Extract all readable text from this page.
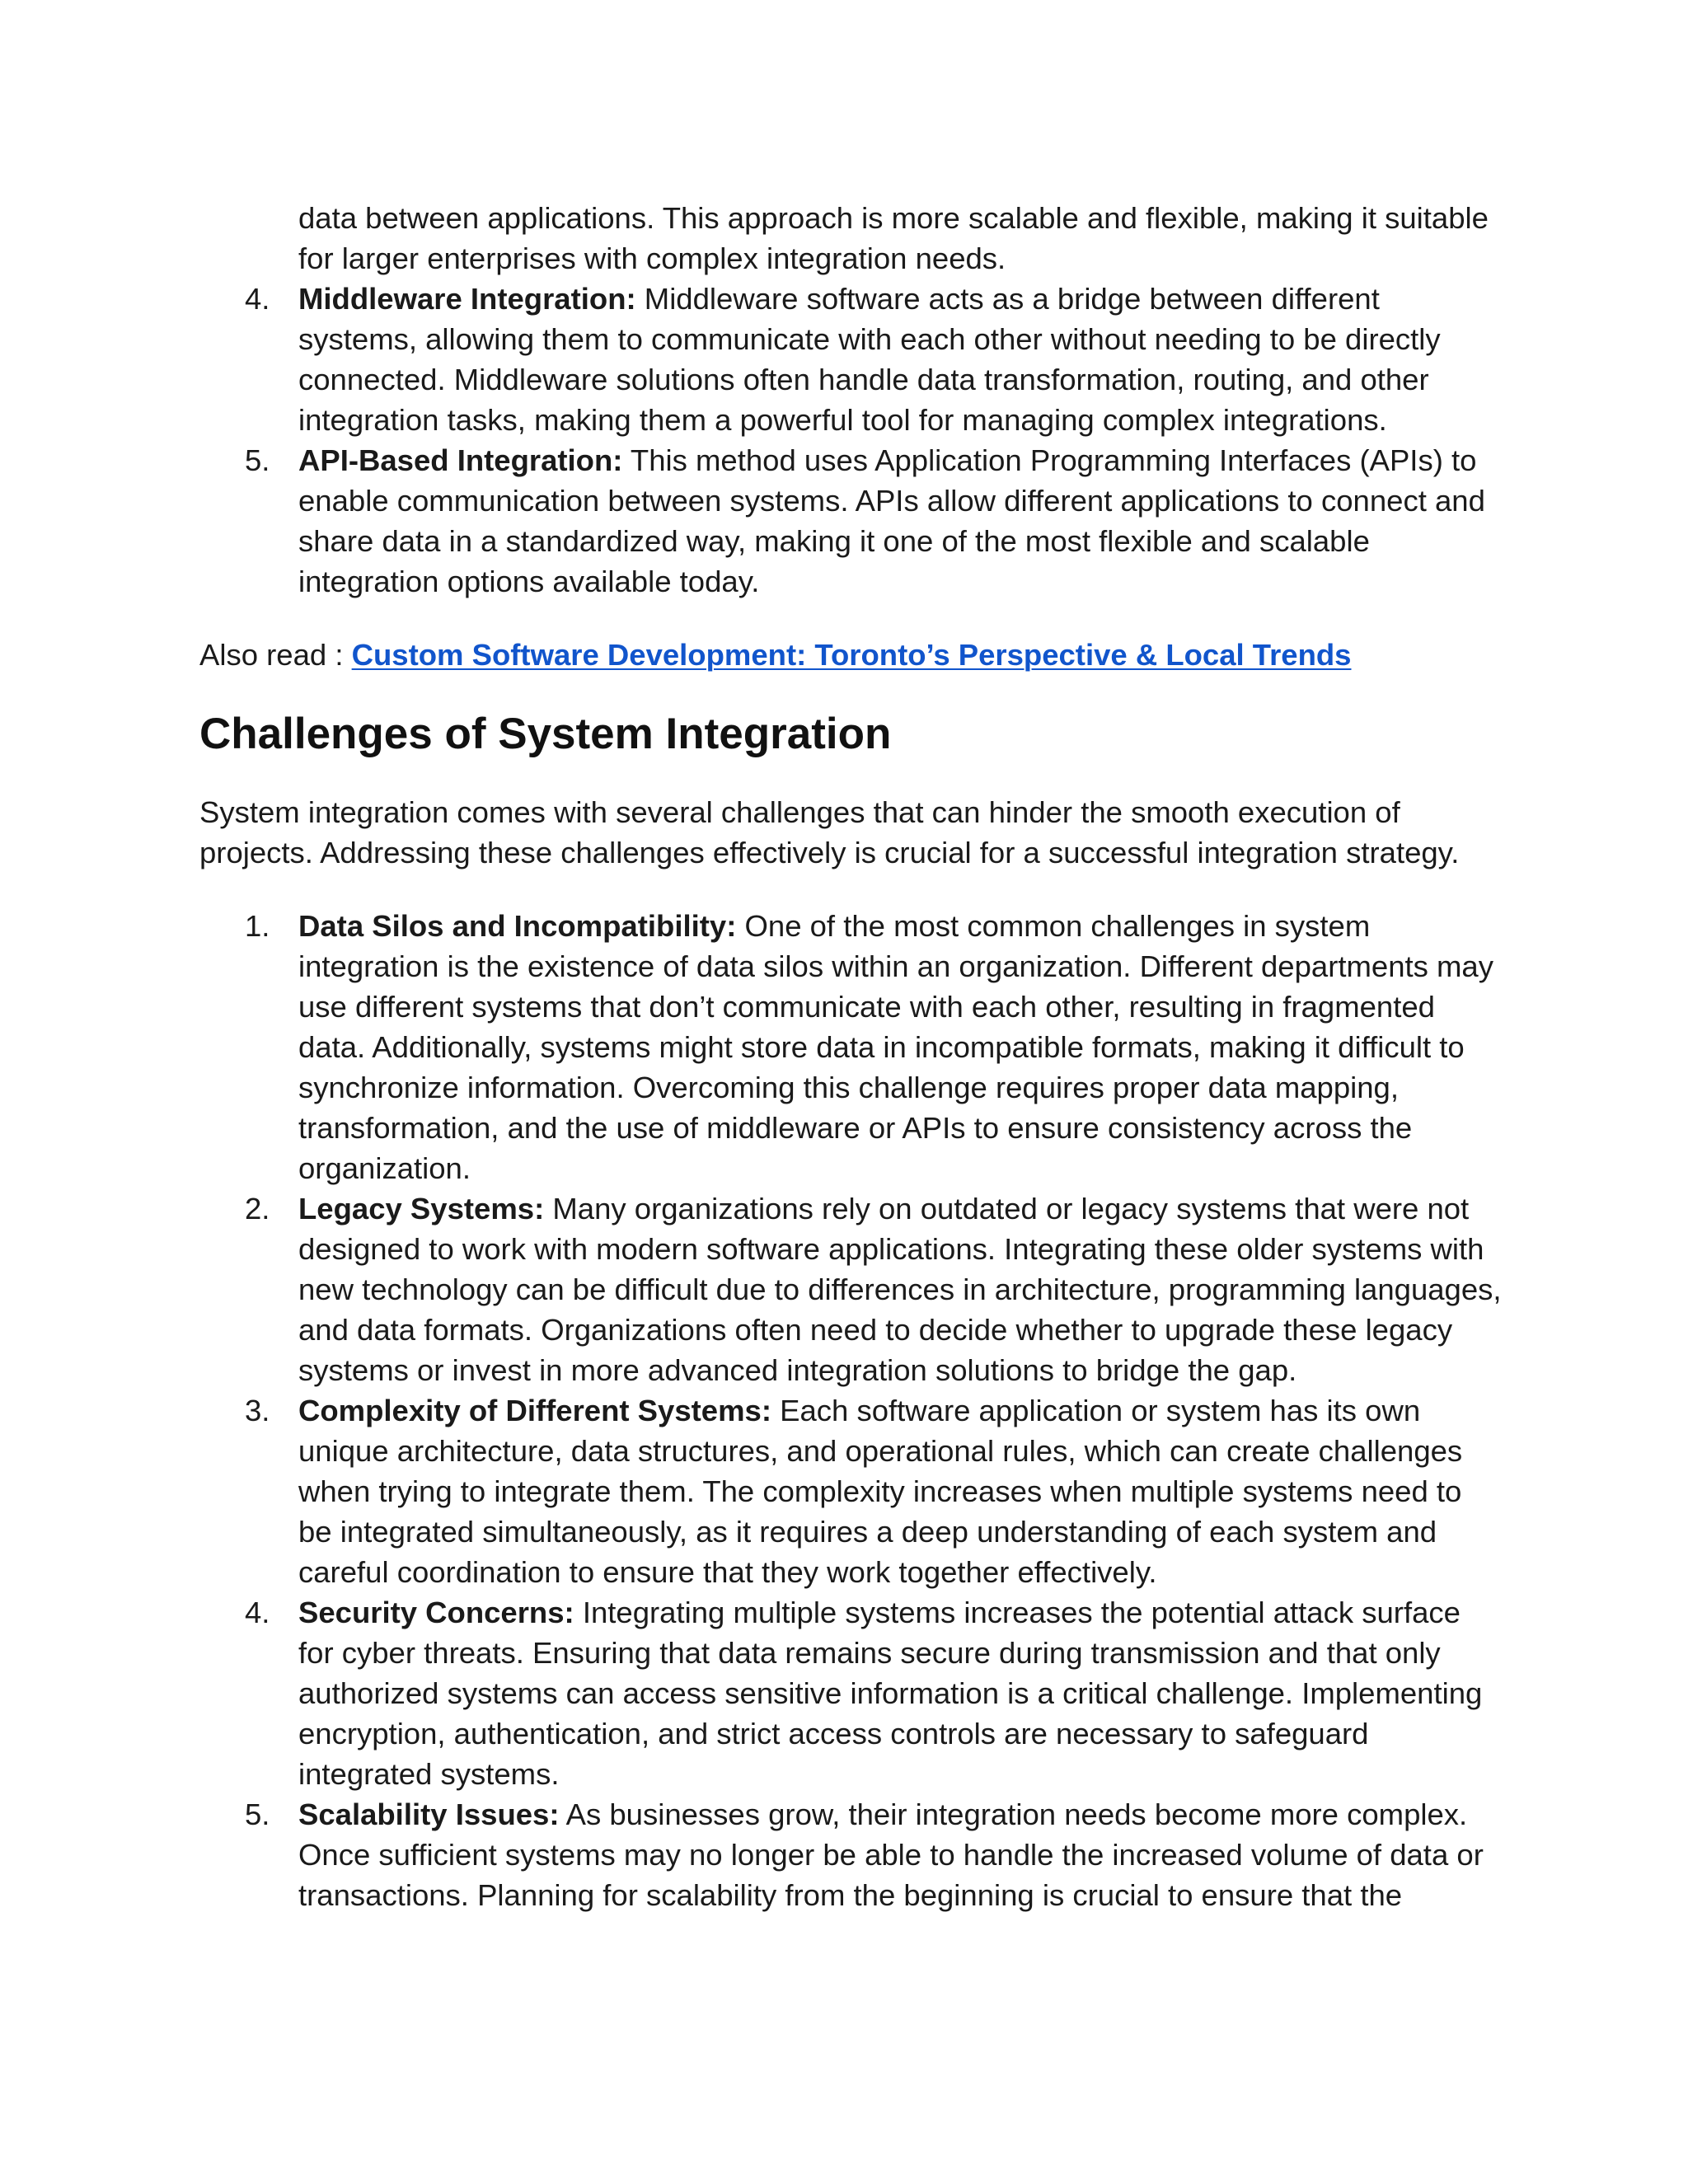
data between applications. This approach is more scalable and flexible, making it suitable for larger enterprises with complex integration needs.
4. Middleware Integration: Middleware software acts as a bridge between different systems, allowing them to communicate with each other without needing to be directly connected. Middleware solutions often handle data transformation, routing, and other integration tasks, making them a powerful tool for managing complex integrations.
5. API-Based Integration: This method uses Application Programming Interfaces (APIs) to enable communication between systems. APIs allow different applications to connect and share data in a standardized way, making it one of the most flexible and scalable integration options available today.
Also read : Custom Software Development: Toronto’s Perspective & Local Trends
Challenges of System Integration
System integration comes with several challenges that can hinder the smooth execution of projects. Addressing these challenges effectively is crucial for a successful integration strategy.
1. Data Silos and Incompatibility: One of the most common challenges in system integration is the existence of data silos within an organization. Different departments may use different systems that don’t communicate with each other, resulting in fragmented data. Additionally, systems might store data in incompatible formats, making it difficult to synchronize information. Overcoming this challenge requires proper data mapping, transformation, and the use of middleware or APIs to ensure consistency across the organization.
2. Legacy Systems: Many organizations rely on outdated or legacy systems that were not designed to work with modern software applications. Integrating these older systems with new technology can be difficult due to differences in architecture, programming languages, and data formats. Organizations often need to decide whether to upgrade these legacy systems or invest in more advanced integration solutions to bridge the gap.
3. Complexity of Different Systems: Each software application or system has its own unique architecture, data structures, and operational rules, which can create challenges when trying to integrate them. The complexity increases when multiple systems need to be integrated simultaneously, as it requires a deep understanding of each system and careful coordination to ensure that they work together effectively.
4. Security Concerns: Integrating multiple systems increases the potential attack surface for cyber threats. Ensuring that data remains secure during transmission and that only authorized systems can access sensitive information is a critical challenge. Implementing encryption, authentication, and strict access controls are necessary to safeguard integrated systems.
5. Scalability Issues: As businesses grow, their integration needs become more complex. Once sufficient systems may no longer be able to handle the increased volume of data or transactions. Planning for scalability from the beginning is crucial to ensure that the
